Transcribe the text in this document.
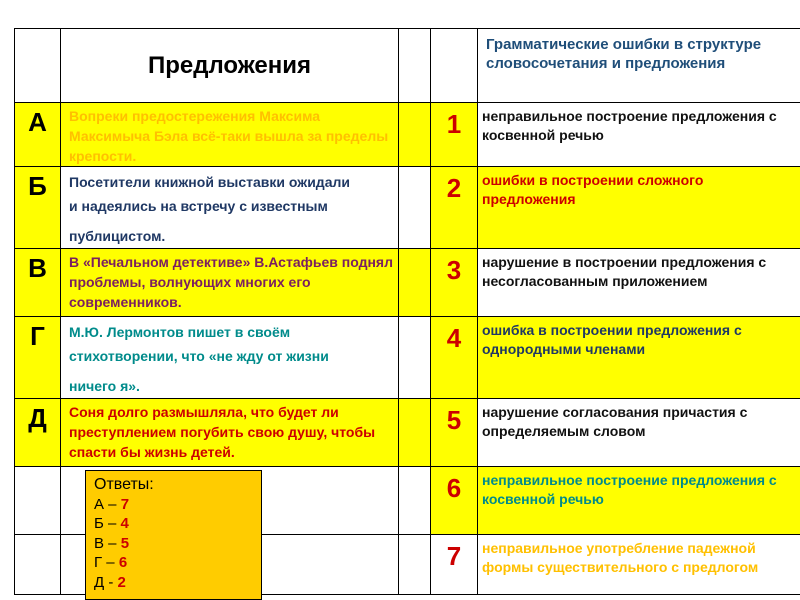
	Предложения			Грамматические ошибки в структуре словосочетания и предложения
А	Вопреки предостережения Максима Максимыча Бэла всё-таки вышла за пределы крепости.		1	неправильное построение предложения с косвенной речью
Б	Посетители книжной выставки ожидали
и надеялись на встречу с известным
публицистом.		2	ошибки в построении сложного предложения
В	В «Печальном детективе» В.Астафьев поднял проблемы, волнующих многих его современников.		3	нарушение в построении предложения с несогласованным приложением
Г	М.Ю. Лермонтов пишет в своём
стихотворении, что «не жду от жизни
ничего я».		4	ошибка в построении предложения с однородными членами
Д	Соня долго размышляла, что будет ли преступлением погубить свою душу, чтобы спасти бы жизнь детей.		5	нарушение согласования причастия с определяемым словом
			6	неправильное построение предложения с косвенной речью
			7	неправильное употребление падежной формы существительного с предлогом
Ответы:
А – 7
Б – 4
В – 5
Г – 6
Д - 2
